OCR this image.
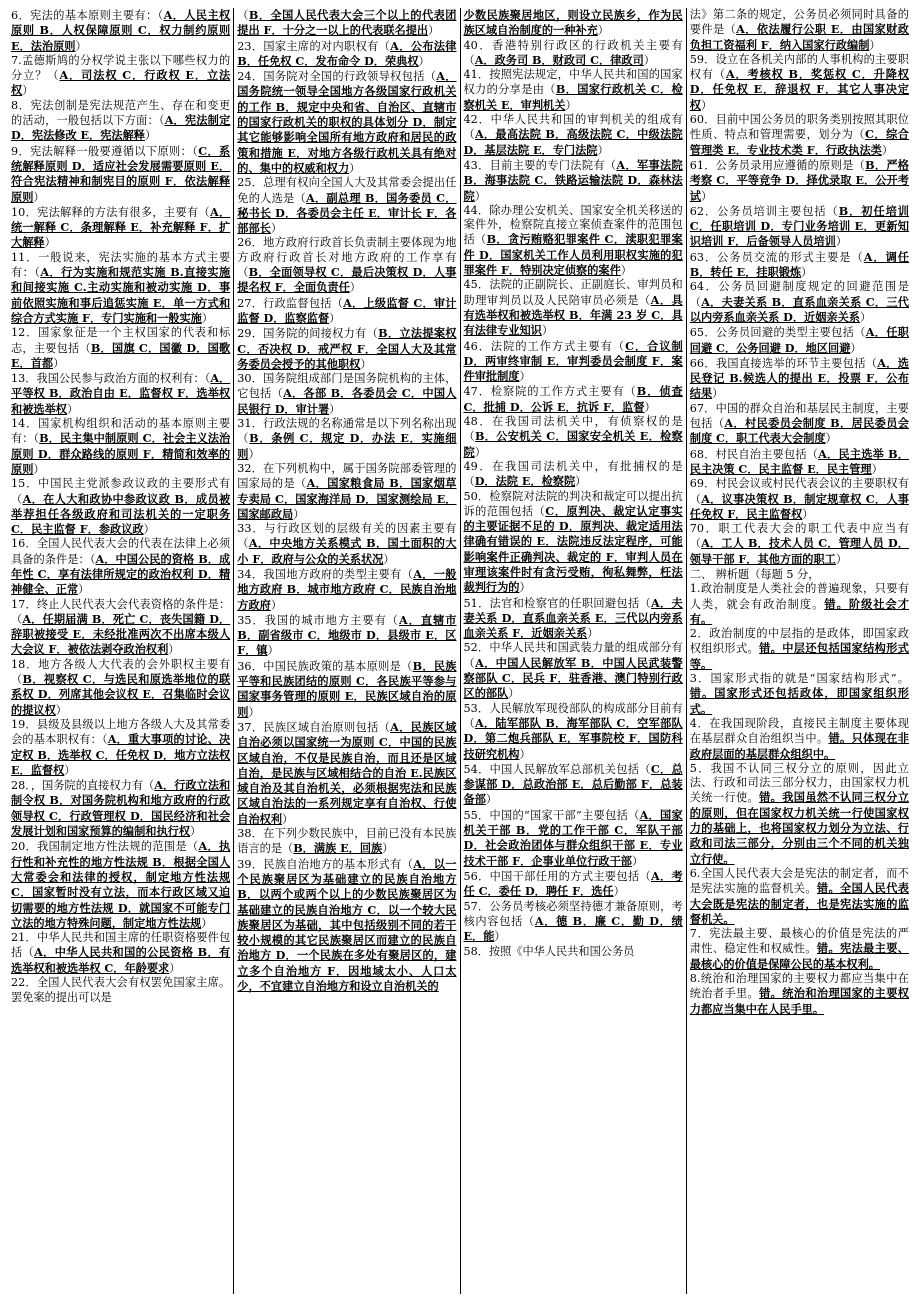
6．宪法的基本原则主要有：（A．人民主权原则 B．人权保障原则 C．权力制约原则 E．法治原则）

7.孟德斯鸠的分权学说主张以下哪些权力的分立？（A．司法权 C．行政权 E．立法权）

8．宪法创制是宪法规范产生、存在和变更的活动，一般包括以下方面：（A．宪法制定 D．宪法修改 E．宪法解释）

9．宪法解释一般要遵循以下原则：（C．系统解释原则 D．适应社会发展需要原则 E．符合宪法精神和制宪目的原则 F．依法解释原则）

10．宪法解释的方法有很多，主要有（A．统一解释 C．条理解释 E．补充解释 F．扩大解释）

11．一般说来，宪法实施的基本方式主要有：（A．行为实施和规范实施 B.直接实施和间接实施 C.主动实施和被动实施 D．事前依照实施和事后追惩实施 E．单一方式和综合方式实施 F．专门实施和一般实施）

12．国家象征是一个主权国家的代表和标志，主要包括（B．国旗 C．国徽 D．国歌 E．首都）

13．我国公民参与政治方面的权利有：（A．平等权 B．政治自由 E．监督权 F．选举权和被选举权）

14．国家机构组织和活动的基本原则主要有：（B．民主集中制原则 C．社会主义法治原则 D．群众路线的原则 F．精简和效率的原则）

15．中国民主党派参政议政的主要形式有（A．在人大和政协中参政议政 B．成员被举荐担任各级政府和司法机关的一定职务 C．民主监督 F．参政议政）

16．全国人民代表大会的代表在法律上必须具备的条件是：（A．中国公民的资格 B．成年性 C．享有法律所规定的政治权利 D．精神健全、正常）

17．终止人民代表大会代表资格的条件是：（A．任期届满 B．死亡 C．丧失国籍 D．辞职被接受 E．未经批准两次不出席本级人大会议 F．被依法剥夺政治权利）

18．地方各级人大代表的会外职权主要有（B．视察权 C．与选民和原选举地位的联系权 D．列席其他会议权 E．召集临时会议的提议权）

19．县级及县级以上地方各级人大及其常委会的基本职权有：（A．重大事项的讨论、决定权 B．选举权 C．任免权 D．地方立法权 E．监督权）

28．，国务院的直接权力有（A．行政立法和制令权 B．对国务院机构和地方政府的行政领导权 C．行政管理权 D．国民经济和社会发展计划和国家预算的编制和执行权）

20．我国制定地方性法规的范围是（A．执行性和补充性的地方性法规 B．根据全国人大常委会和法律的授权，制定地方性法规 C．国家暂时没有立法，而本行政区域又迫切需要的地方性法规 D．就国家不可能专门立法的地方特殊问题，制定地方性法规）

21．中华人民共和国主席的任职资格要件包括（A．中华人民共和国的公民资格 B．有选举权和被选举权 C．年龄要求）

22．全国人民代表大会有权罢免国家主席。罢免案的提出可以是

（B．全国人民代表大会三个以上的代表团提出 F．十分之一以上的代表联名提出）

23．国家主席的对内职权有（A．公布法律 B．任免权 C．发布命令 D．荣典权）

24．国务院对全国的行政领导权包括（A．国务院统一领导全国地方各级国家行政机关的工作 B．规定中央和省、自治区、直辖市的国家行政机关的职权的具体划分 D．制定其它能够影响全国所有地方政府和居民的政策和措施 E．对地方各级行政机关具有绝对的、集中的权威和权力）

25．总理有权向全国人大及其常委会提出任免的人选是（A．副总理 B．国务委员 C．秘书长 D．各委员会主任 E．审计长 F．各部部长）

26．地方政府行政首长负责制主要体现为地方政府行政首长对地方政府的工作享有（B．全面领导权 C．最后决策权 D．人事提名权 F．全面负责任）

27．行政监督包括（A．上级监督 C．审计监督 D．监察监督）

29．国务院的间接权力有（B．立法提案权 C．否决权 D．戒严权 F．全国人大及其常务委员会授予的其他职权）

30．国务院组成部门是国务院机构的主体，它包括（A．各部 B．各委员会 C．中国人民银行 D．审计署）

31．行政法规的名称通常是以下列名称出现（B．条例 C．规定 D．办法 E．实施细则）

32．在下列机构中，属于国务院部委管理的国家局的是（A．国家粮食局 B．国家烟草专卖局 C．国家海洋局 D．国家测绘局 E．国家邮政局）

33．与行政区划的层级有关的因素主要有（A．中央地方关系模式 B．国土面积的大小 F．政府与公众的关系状况）

34．我国地方政府的类型主要有（A．一般地方政府 B．城市地方政府 C．民族自治地方政府）

35．我国的城市地方主要有（A．直辖市 B．副省级市 C．地级市 D．县级市 E．区 F．镇）

36．中国民族政策的基本原则是（B．民族平等和民族团结的原则 C．各民族平等参与国家事务管理的原则 E．民族区域自治的原则）

37．民族区域自治原则包括（A．民族区域自治必须以国家统一为原则 C．中国的民族区域自治，不仅是民族自治，而且还是区域自治，是民族与区域相结合的自治 E.民族区域自治及其自治机关，必须根据宪法和民族区域自治法的一系列规定享有自治权、行使自治权利）

38．在下列少数民族中，目前已没有本民族语言的是（B．满族 E．回族）

39．民族自治地方的基本形式有（A．以一个民族聚居区为基础建立的民族自治地方 B．以两个或两个以上的少数民族聚居区为基础建立的民族自治地方 C．以一个较大民族聚居区为基础，其中包括级别不同的若干较小规模的其它民族聚居区而建立的民族自治地方 D．一个民族在多处有聚居区的，建立多个自治地方 F．因地域太小、人口太少，不宜建立自治地方和设立自治机关的

少数民族聚居地区，则设立民族乡，作为民族区域自治制度的一种补充）

40．香港特别行政区的行政机关主要有（A．政务司 B．财政司 C．律政司）

41．按照宪法规定，中华人民共和国的国家权力的分享是由（B．国家行政机关 C．检察机关 E．审判机关）

42．中华人民共和国的审判机关的组成有（A．最高法院 B．高级法院 C．中级法院 D．基层法院 E．专门法院）

43．目前主要的专门法院有（A．军事法院 B．海事法院 C．铁路运输法院 D．森林法院）

44．除办理公安机关、国家安全机关移送的案件外，检察院直接立案侦查案件的范围包括（B．贪污贿赂犯罪案件 C．渎职犯罪案件 D．国家机关工作人员利用职权实施的犯罪案件 F．特别决定侦察的案件）

45．法院的正副院长、正副庭长、审判员和助理审判员以及人民陪审员必须是（A．具有选举权和被选举权 B．年满 23 岁 C．具有法律专业知识）

46．法院的工作方式主要有（C．合议制 D．两审终审制 E．审判委员会制度 F．案件审批制度）

47．检察院的工作方式主要有（B．侦查 C．批捕 D．公诉 E．抗诉 F．监督）

48．在我国司法机关中，有侦察权的是（B．公安机关 C．国家安全机关 E．检察院）

49．在我国司法机关中，有批捕权的是（D．法院 E．检察院）

50．检察院对法院的判决和裁定可以提出抗诉的范围包括（C．原判决、裁定认定事实的主要证据不足的 D．原判决、裁定适用法律确有错误的 E．法院违反法定程序，可能影响案件正确判决、裁定的 F．审判人员在审理该案件时有贪污受贿，徇私舞弊，枉法裁判行为的）

51．法官和检察官的任职回避包括（A．夫妻关系 D．直系血亲关系 E．三代以内旁系血亲关系 F．近姻亲关系）

52．中华人民共和国武装力量的组成部分有（A．中国人民解放军 B．中国人民武装警察部队 C．民兵 F．驻香港、澳门特别行政区的部队）

53．人民解放军现役部队的构成部分目前有（A．陆军部队 B．海军部队 C．空军部队 D．第二炮兵部队 E．军事院校 F．国防科技研究机构）

54．中国人民解放军总部机关包括（C．总参谋部 D．总政治部 E．总后勤部 F．总装备部）

55．中国的“国家干部”主要包括（A．国家机关干部 B．党的工作干部 C．军队干部 D．社会政治团体与群众组织干部 E．专业技术干部 F．企事业单位行政干部）

56．中国干部任用的方式主要包括（A．考任 C．委任 D．聘任 F．选任）

57．公务员考核必须坚持德才兼备原则，考核内容包括（A．德 B．廉 C．勤 D．绩 E．能）

58．按照《中华人民共和国公务员

法》第二条的规定，公务员必须同时具备的要件是（A．依法履行公职 E．由国家财政负担工资福利 F．纳入国家行政编制）

59．设立在各机关内部的人事机构的主要职权有（A．考核权 B．奖惩权 C．升降权 D．任免权 E．辞退权 F．其它人事决定权）

60．目前中国公务员的职务类别按照其职位性质、特点和管理需要，划分为（C．综合管理类 E．专业技术类 F．行政执法类）

61．公务员录用应遵循的原则是（B．严格考察 C．平等竞争 D．择优录取 E．公开考试）

62．公务员培训主要包括（B．初任培训 C．任职培训 D．专门业务培训 E．更新知识培训 F．后备领导人员培训）

63．公务员交流的形式主要是（A．调任 B．转任 E．挂职锻炼）

64．公务员回避制度规定的回避范围是（A．夫妻关系 B．直系血亲关系 C．三代以内旁系血亲关系 D．近姻亲关系）

65．公务员回避的类型主要包括（A．任职回避 C．公务回避 D．地区回避）

66．我国直接选举的环节主要包括（A．选民登记 B.候选人的提出 E．投票 F．公布结果）

67．中国的群众自治和基层民主制度，主要包括（A．村民委员会制度 B．居民委员会制度 C．职工代表大会制度）

68．村民自治主要包括（A．民主选举 B．民主决策 C．民主监督 E．民主管理）

69．村民会议或村民代表会议的主要职权有（A．议事决策权 B．制定规章权 C．人事任免权 F．民主监督权）

70．职工代表大会的职工代表中应当有（A．工人 B．技术人员 C．管理人员 D．领导干部 F．其他方面的职工）

二、 辨析题（每题 5 分，

1.政治制度是人类社会的普遍现象，只要有人类，就会有政治制度。错。阶级社会才有。

2．政治制度的中层指的是政体，即国家政权组织形式。错。中层还包括国家结构形式等。

3．国家形式指的就是“国家结构形式”。错。国家形式还包括政体，即国家组织形式。

4．在我国现阶段，直接民主制度主要体现在基层群众自治组织当中。错。只体现在非政府层面的基层群众组织中。

5．我国不认同三权分立的原则，因此立法、行政和司法三部分权力，由国家权力机关统一行使。错。我国虽然不认同三权分立的原则，但在国家权力机关统一行使国家权力的基础上，也将国家权力划分为立法、行政和司法三部分，分别由三个不同的机关独立行使。

6.全国人民代表大会是宪法的制定者，而不是宪法实施的监督机关。错。全国人民代表大会既是宪法的制定者，也是宪法实施的监督机关。

7．宪法最主要、最核心的价值是宪法的严肃性、稳定性和权威性。错。宪法最主要、最核心的价值是保障公民的基本权利。

8.统治和治理国家的主要权力都应当集中在统治者手里。错。统治和治理国家的主要权力都应当集中在人民手里。
